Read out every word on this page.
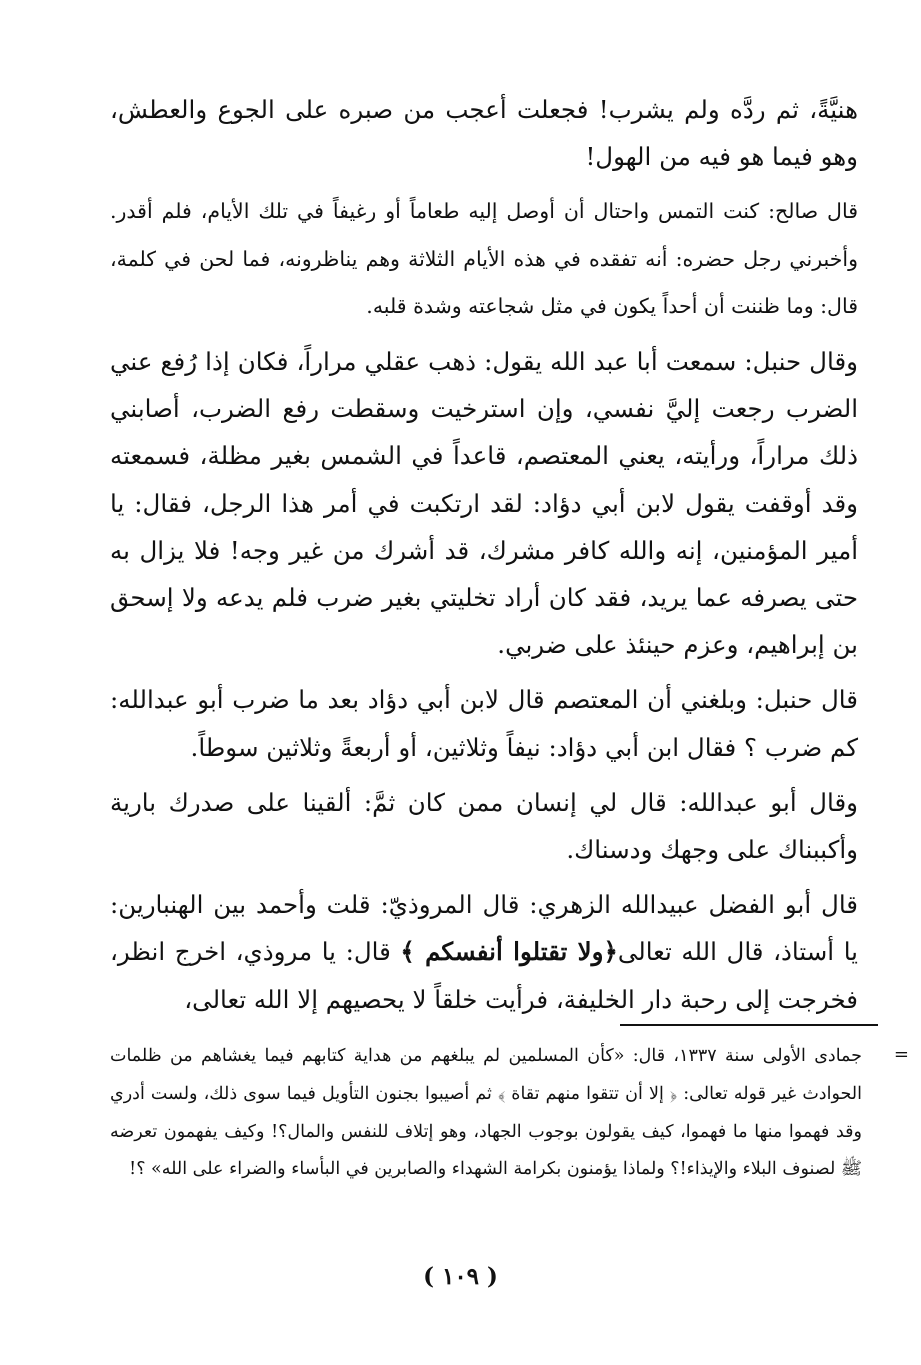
هنيَّةً، ثم ردَّه ولم يشرب! فجعلت أعجب من صبره على الجوع والعطش، وهو فيما هو فيه من الهول!

قال صالح: كنت التمس واحتال أن أوصل إليه طعاماً أو رغيفاً في تلك الأيام، فلم أقدر. وأخبرني رجل حضره: أنه تفقده في هذه الأيام الثلاثة وهم يناظرونه، فما لحن في كلمة، قال: وما ظننت أن أحداً يكون في مثل شجاعته وشدة قلبه.

وقال حنبل: سمعت أبا عبد الله يقول: ذهب عقلي مراراً، فكان إذا رُفع عني الضرب رجعت إليَّ نفسي، وإن استرخيت وسقطت رفع الضرب، أصابني ذلك مراراً، ورأيته، يعني المعتصم، قاعداً في الشمس بغير مظلة، فسمعته وقد أوقفت يقول لابن أبي دؤاد: لقد ارتكبت في أمر هذا الرجل، فقال: يا أمير المؤمنين، إنه والله كافر مشرك، قد أشرك من غير وجه! فلا يزال به حتى يصرفه عما يريد، فقد كان أراد تخليتي بغير ضرب فلم يدعه ولا إسحق بن إبراهيم، وعزم حينئذ على ضربي.

قال حنبل: وبلغني أن المعتصم قال لابن أبي دؤاد بعد ما ضرب أبو عبدالله: كم ضرب ؟ فقال ابن أبي دؤاد: نيفاً وثلاثين، أو أربعةً وثلاثين سوطاً.

وقال أبو عبدالله: قال لي إنسان ممن كان ثمَّ: ألقينا على صدرك بارية وأكببناك على وجهك ودسناك.

قال أبو الفضل عبيدالله الزهري: قال المروذيّ: قلت وأحمد بين الهنبارين: يا أستاذ، قال الله تعالى﴿ولا تقتلوا أنفسكم ﴾ قال: يا مروذي، اخرج انظر، فخرجت إلى رحبة دار الخليفة، فرأيت خلقاً لا يحصيهم إلا الله تعالى،

=

جمادى الأولى سنة ١٣٣٧، قال: «كأن المسلمين لم يبلغهم من هداية كتابهم فيما يغشاهم من ظلمات الحوادث غير قوله تعالى: ﴿ إلا أن تتقوا منهم تقاة ﴾ ثم أصيبوا بجنون التأويل فيما سوى ذلك، ولست أدري وقد فهموا منها ما فهموا، كيف يقولون بوجوب الجهاد، وهو إتلاف للنفس والمال؟! وكيف يفهمون تعرضه ﷺ لصنوف البلاء والإيذاء!؟ ولماذا يؤمنون بكرامة الشهداء والصابرين في البأساء والضراء على الله» ؟!

( ١٠٩ )
